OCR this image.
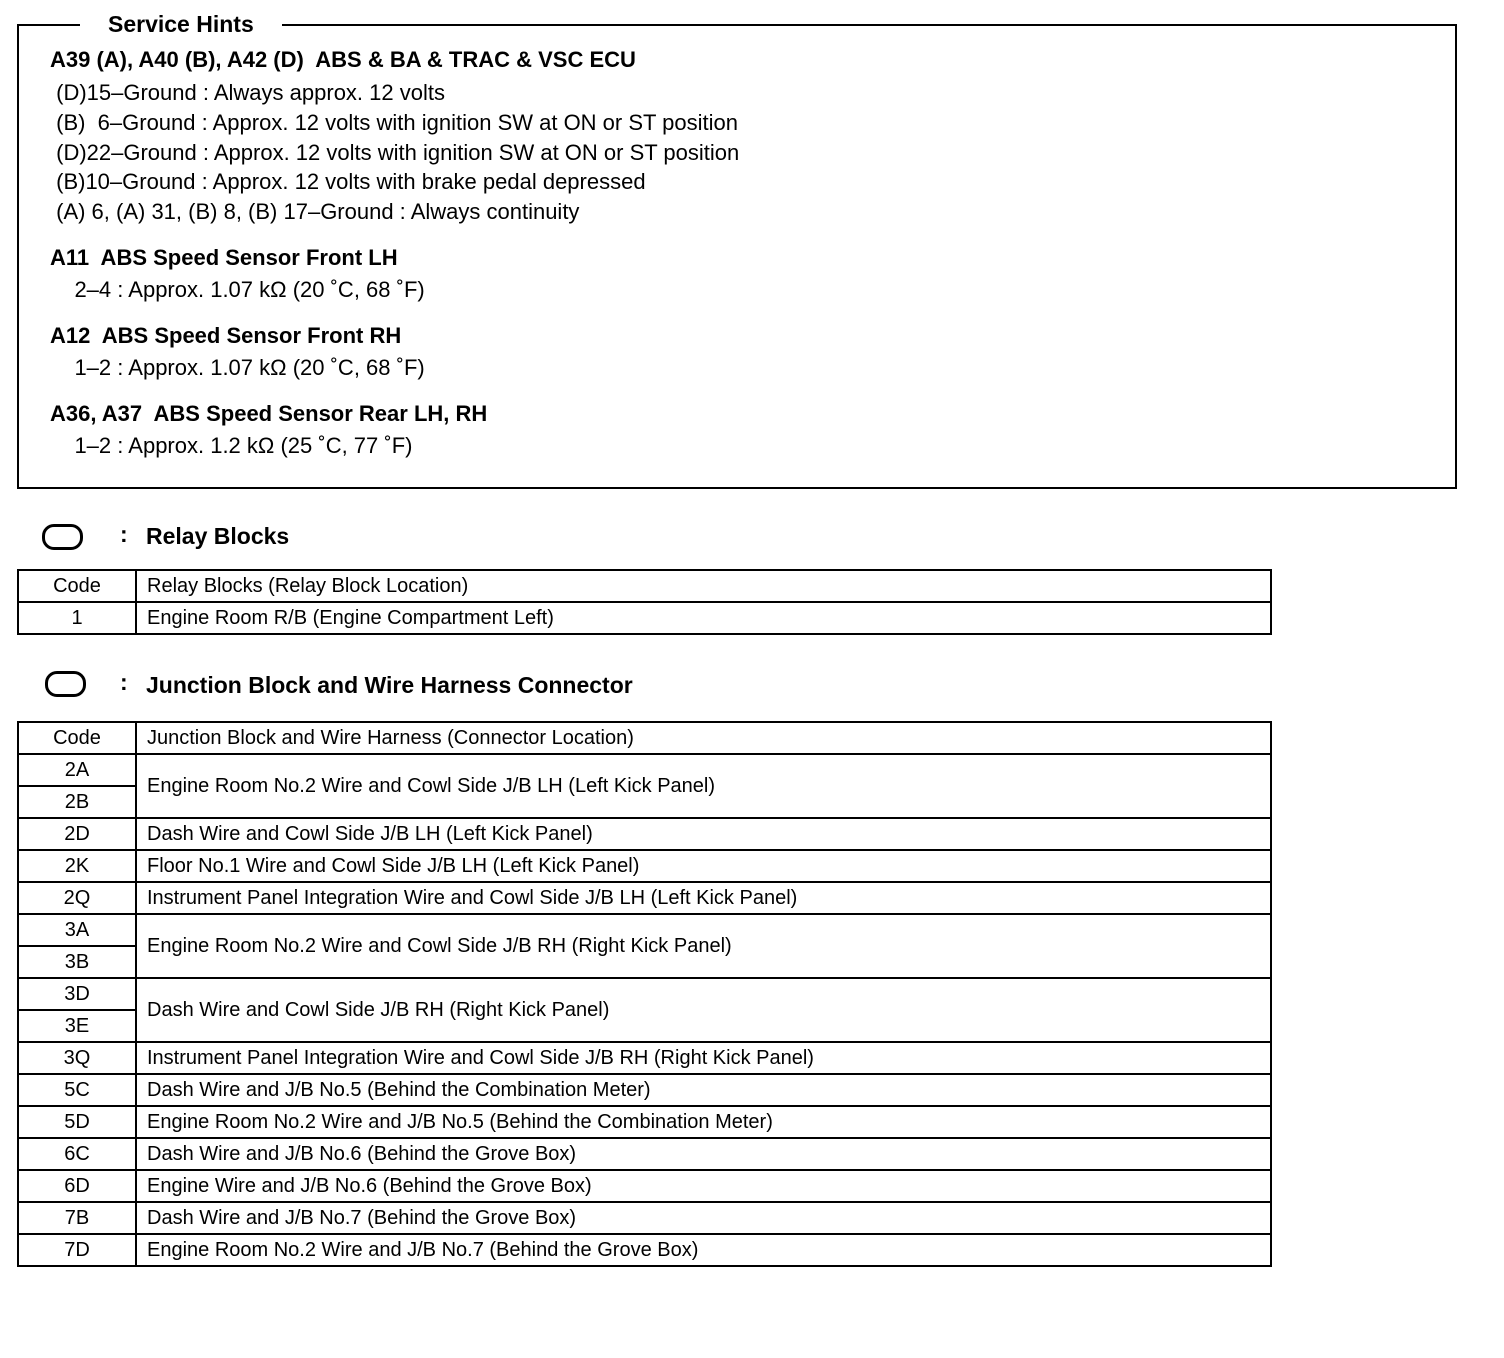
Service Hints
A39 (A), A40 (B), A42 (D)  ABS & BA & TRAC & VSC ECU
(D)15–Ground : Always approx. 12 volts
(B)  6–Ground : Approx. 12 volts with ignition SW at ON or ST position
(D)22–Ground : Approx. 12 volts with ignition SW at ON or ST position
(B)10–Ground : Approx. 12 volts with brake pedal depressed
(A) 6, (A) 31, (B) 8, (B) 17–Ground : Always continuity
A11  ABS Speed Sensor Front LH
2–4 : Approx. 1.07 kΩ (20 ˚C, 68 ˚F)
A12  ABS Speed Sensor Front RH
1–2 : Approx. 1.07 kΩ (20 ˚C, 68 ˚F)
A36, A37  ABS Speed Sensor Rear LH, RH
1–2 : Approx. 1.2 kΩ (25 ˚C, 77 ˚F)
: Relay Blocks
Code	Relay Blocks (Relay Block Location)
1	Engine Room R/B (Engine Compartment Left)
: Junction Block and Wire Harness Connector
Code	Junction Block and Wire Harness (Connector Location)
2A	Engine Room No.2 Wire and Cowl Side J/B LH (Left Kick Panel)
2B	
2D	Dash Wire and Cowl Side J/B LH (Left Kick Panel)
2K	Floor No.1 Wire and Cowl Side J/B LH (Left Kick Panel)
2Q	Instrument Panel Integration Wire and Cowl Side J/B LH (Left Kick Panel)
3A	Engine Room No.2 Wire and Cowl Side J/B RH (Right Kick Panel)
3B	
3D	Dash Wire and Cowl Side J/B RH (Right Kick Panel)
3E	
3Q	Instrument Panel Integration Wire and Cowl Side J/B RH (Right Kick Panel)
5C	Dash Wire and J/B No.5 (Behind the Combination Meter)
5D	Engine Room No.2 Wire and J/B No.5 (Behind the Combination Meter)
6C	Dash Wire and J/B No.6 (Behind the Grove Box)
6D	Engine Wire and J/B No.6 (Behind the Grove Box)
7B	Dash Wire and J/B No.7 (Behind the Grove Box)
7D	Engine Room No.2 Wire and J/B No.7 (Behind the Grove Box)
